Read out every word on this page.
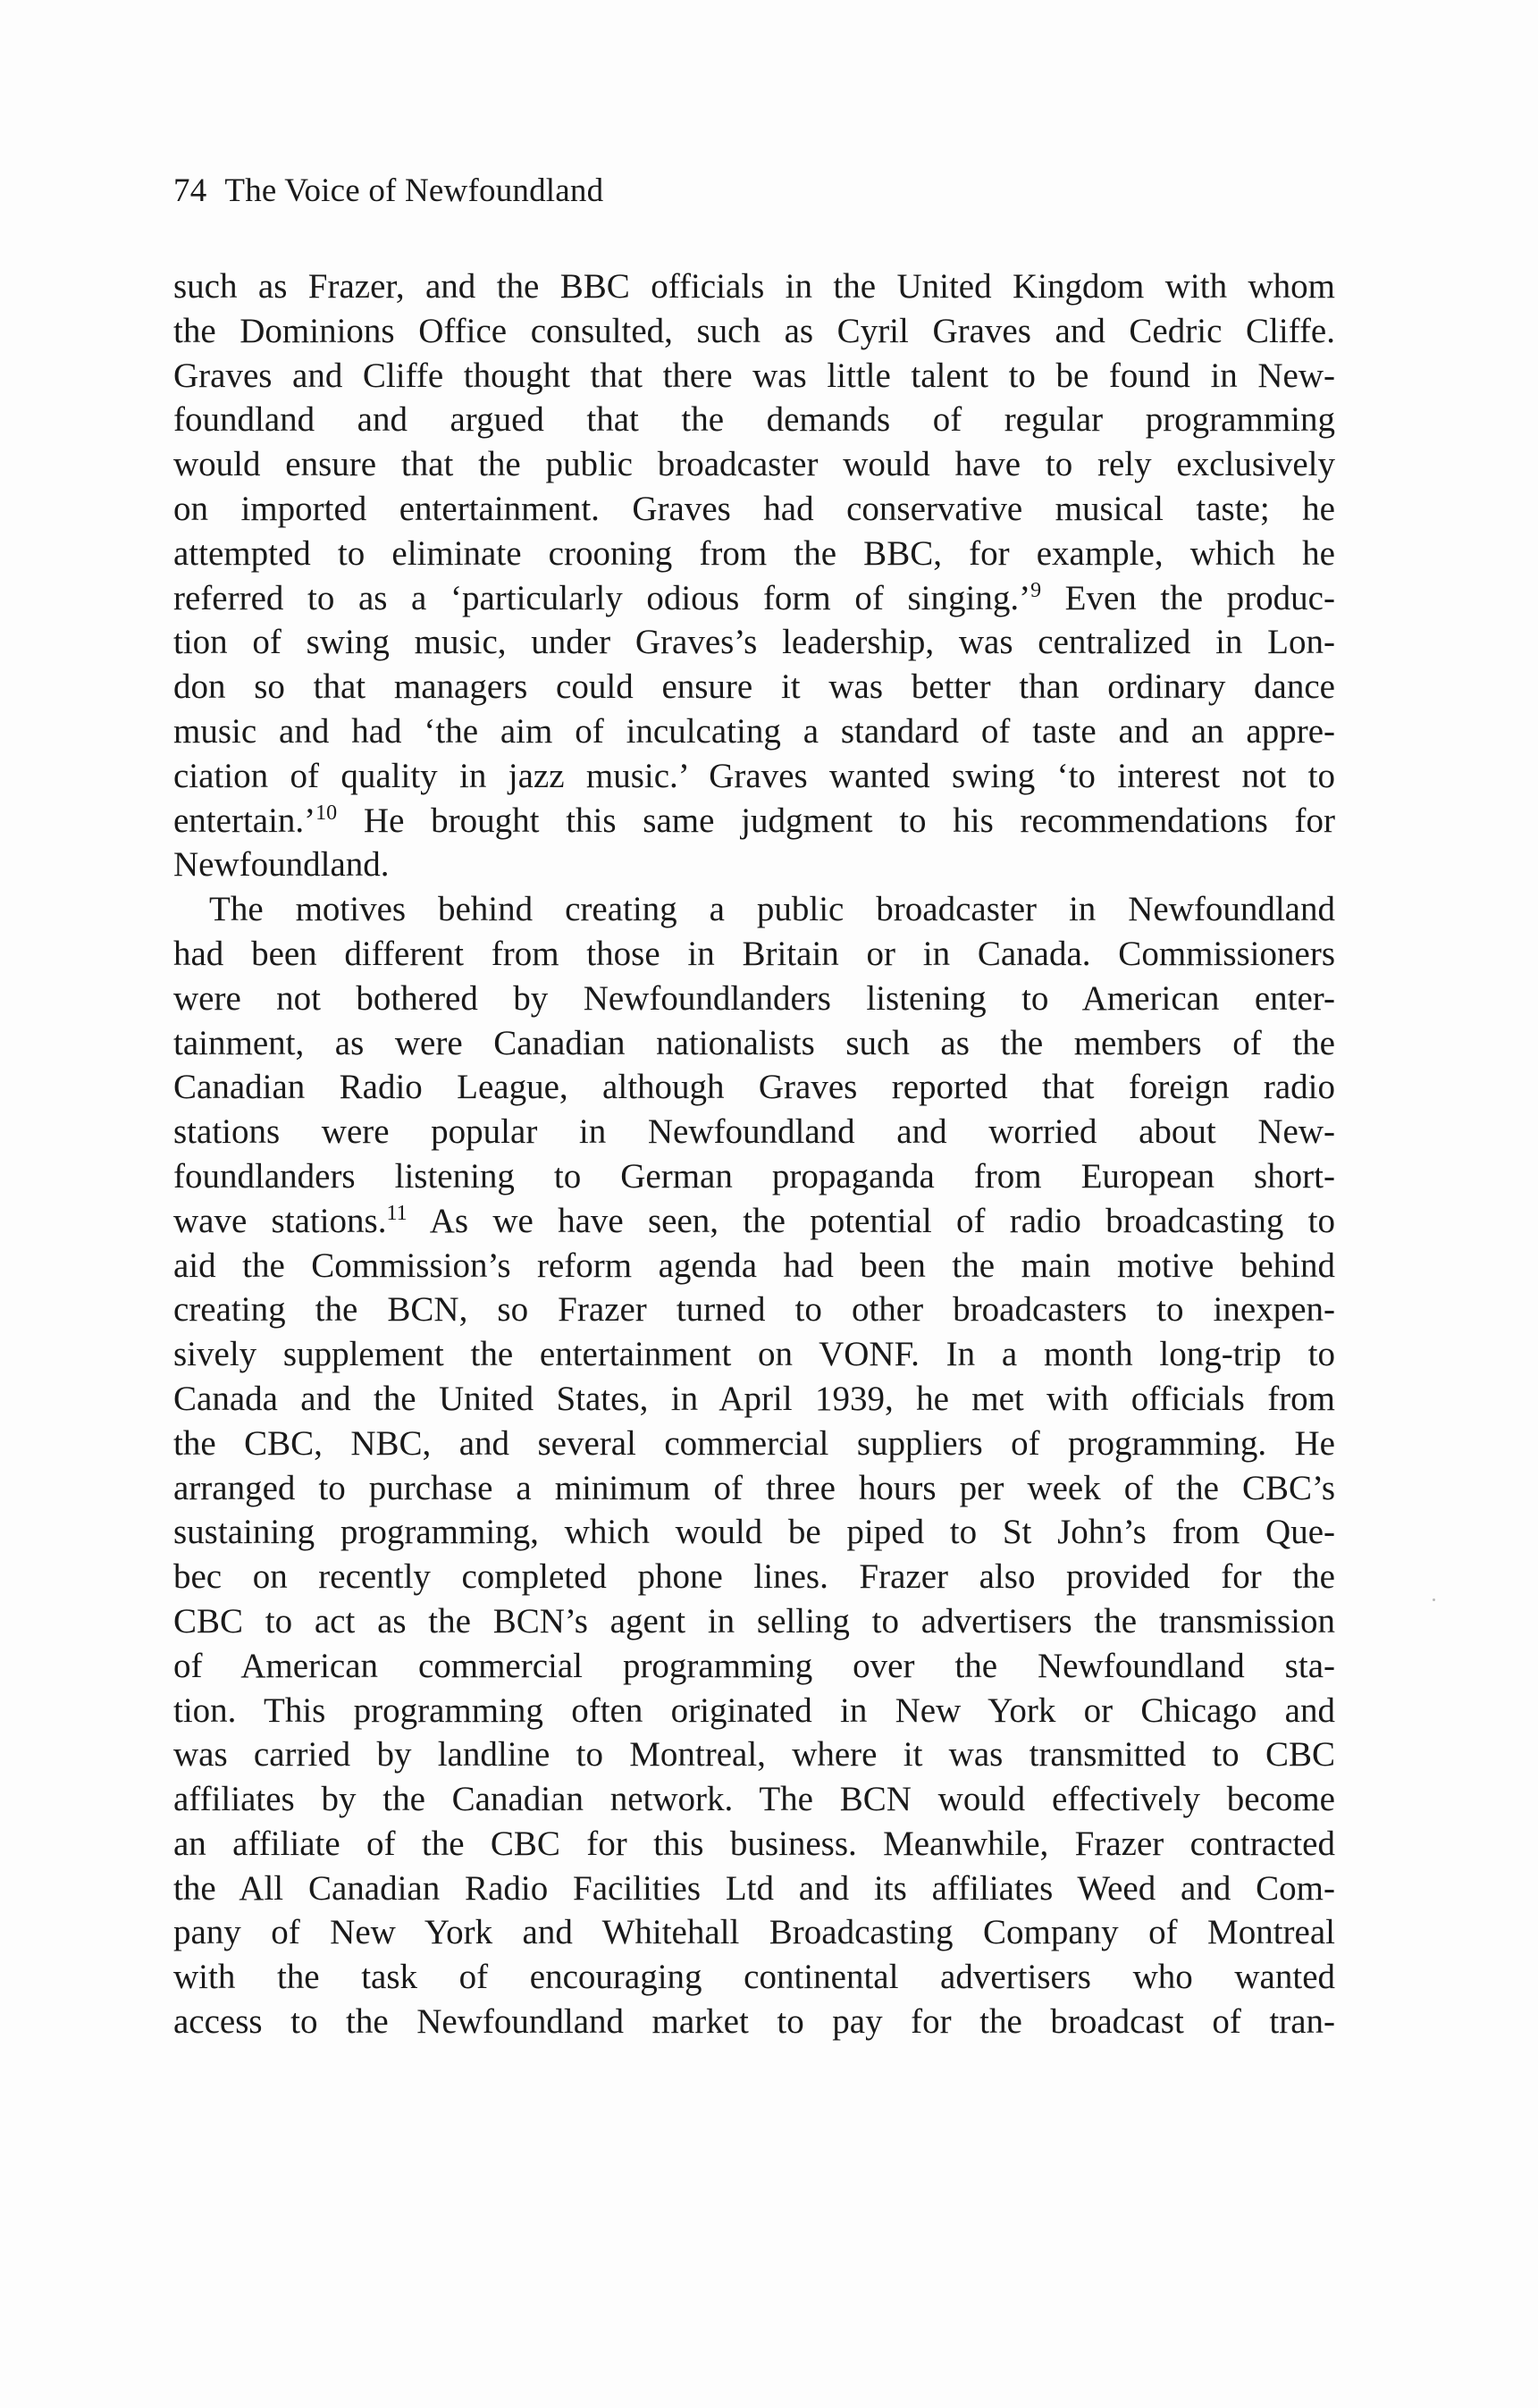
74 The Voice of Newfoundland
such as Frazer, and the BBC officials in the United Kingdom with whom
the Dominions Office consulted, such as Cyril Graves and Cedric Cliffe.
Graves and Cliffe thought that there was little talent to be found in New-
foundland and argued that the demands of regular programming
would ensure that the public broadcaster would have to rely exclusively
on imported entertainment. Graves had conservative musical taste; he
attempted to eliminate crooning from the BBC, for example, which he
referred to as a ‘particularly odious form of singing.’$^9$ Even the produc-
tion of swing music, under Graves’s leadership, was centralized in Lon-
don so that managers could ensure it was better than ordinary dance
music and had ‘the aim of inculcating a standard of taste and an appre-
ciation of quality in jazz music.’ Graves wanted swing ‘to interest not to
entertain.’$^{10}$ He brought this same judgment to his recommendations for
Newfoundland.
The motives behind creating a public broadcaster in Newfoundland
had been different from those in Britain or in Canada. Commissioners
were not bothered by Newfoundlanders listening to American enter-
tainment, as were Canadian nationalists such as the members of the
Canadian Radio League, although Graves reported that foreign radio
stations were popular in Newfoundland and worried about New-
foundlanders listening to German propaganda from European short-
wave stations.$^{11}$ As we have seen, the potential of radio broadcasting to
aid the Commission’s reform agenda had been the main motive behind
creating the BCN, so Frazer turned to other broadcasters to inexpen-
sively supplement the entertainment on VONF. In a month long-trip to
Canada and the United States, in April 1939, he met with officials from
the CBC, NBC, and several commercial suppliers of programming. He
arranged to purchase a minimum of three hours per week of the CBC’s
sustaining programming, which would be piped to St John’s from Que-
bec on recently completed phone lines. Frazer also provided for the
CBC to act as the BCN’s agent in selling to advertisers the transmission
of American commercial programming over the Newfoundland sta-
tion. This programming often originated in New York or Chicago and
was carried by landline to Montreal, where it was transmitted to CBC
affiliates by the Canadian network. The BCN would effectively become
an affiliate of the CBC for this business. Meanwhile, Frazer contracted
the All Canadian Radio Facilities Ltd and its affiliates Weed and Com-
pany of New York and Whitehall Broadcasting Company of Montreal
with the task of encouraging continental advertisers who wanted
access to the Newfoundland market to pay for the broadcast of tran-
